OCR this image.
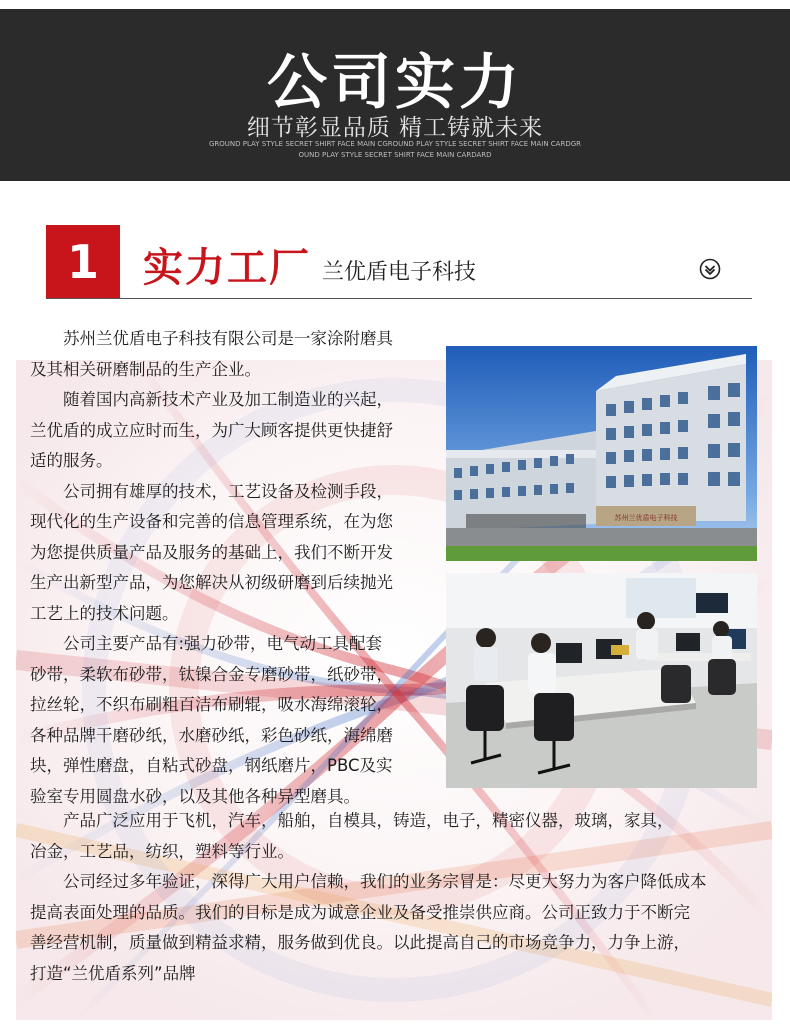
公司实力
细节彰显品质 精工铸就未来
GROUND PLAY STYLE SECRET SHIRT FACE MAIN CGROUND PLAY STYLE SECRET SHIRT FACE MAIN CARDGR
OUND PLAY STYLE SECRET SHIRT FACE MAIN CARDARD
1	实力工厂 兰优盾电子科技
苏州兰优盾电子科技

苏州兰优盾电子科技有限公司是一家涂附磨具

及其相关研磨制品的生产企业。

随着国内高新技术产业及加工制造业的兴起，

兰优盾的成立应时而生，为广大顾客提供更快捷舒

适的服务。

公司拥有雄厚的技术，工艺设备及检测手段，

现代化的生产设备和完善的信息管理系统，在为您

为您提供质量产品及服务的基础上，我们不断开发

生产出新型产品，为您解决从初级研磨到后续抛光

工艺上的技术问题。

公司主要产品有:强力砂带，电气动工具配套

砂带，柔软布砂带，钛镍合金专磨砂带，纸砂带，

拉丝轮，不织布刷粗百洁布刷辊，吸水海绵滚轮，

各种品牌干磨砂纸，水磨砂纸，彩色砂纸，海绵磨

块，弹性磨盘，自粘式砂盘，钢纸磨片，PBC及实

验室专用圆盘水砂，以及其他各种异型磨具。

产品广泛应用于飞机，汽车，船舶，自模具，铸造，电子，精密仪器，玻璃，家具，

冶金，工艺品，纺织，塑料等行业。

公司经过多年验证，深得广大用户信赖，我们的业务宗冒是：尽更大努力为客户降低成本

提高表面处理的品质。我们的目标是成为诚意企业及备受推崇供应商。公司正致力于不断完

善经营机制，质量做到精益求精，服务做到优良。以此提高自己的市场竞争力，力争上游，

打造“兰优盾系列”品牌
